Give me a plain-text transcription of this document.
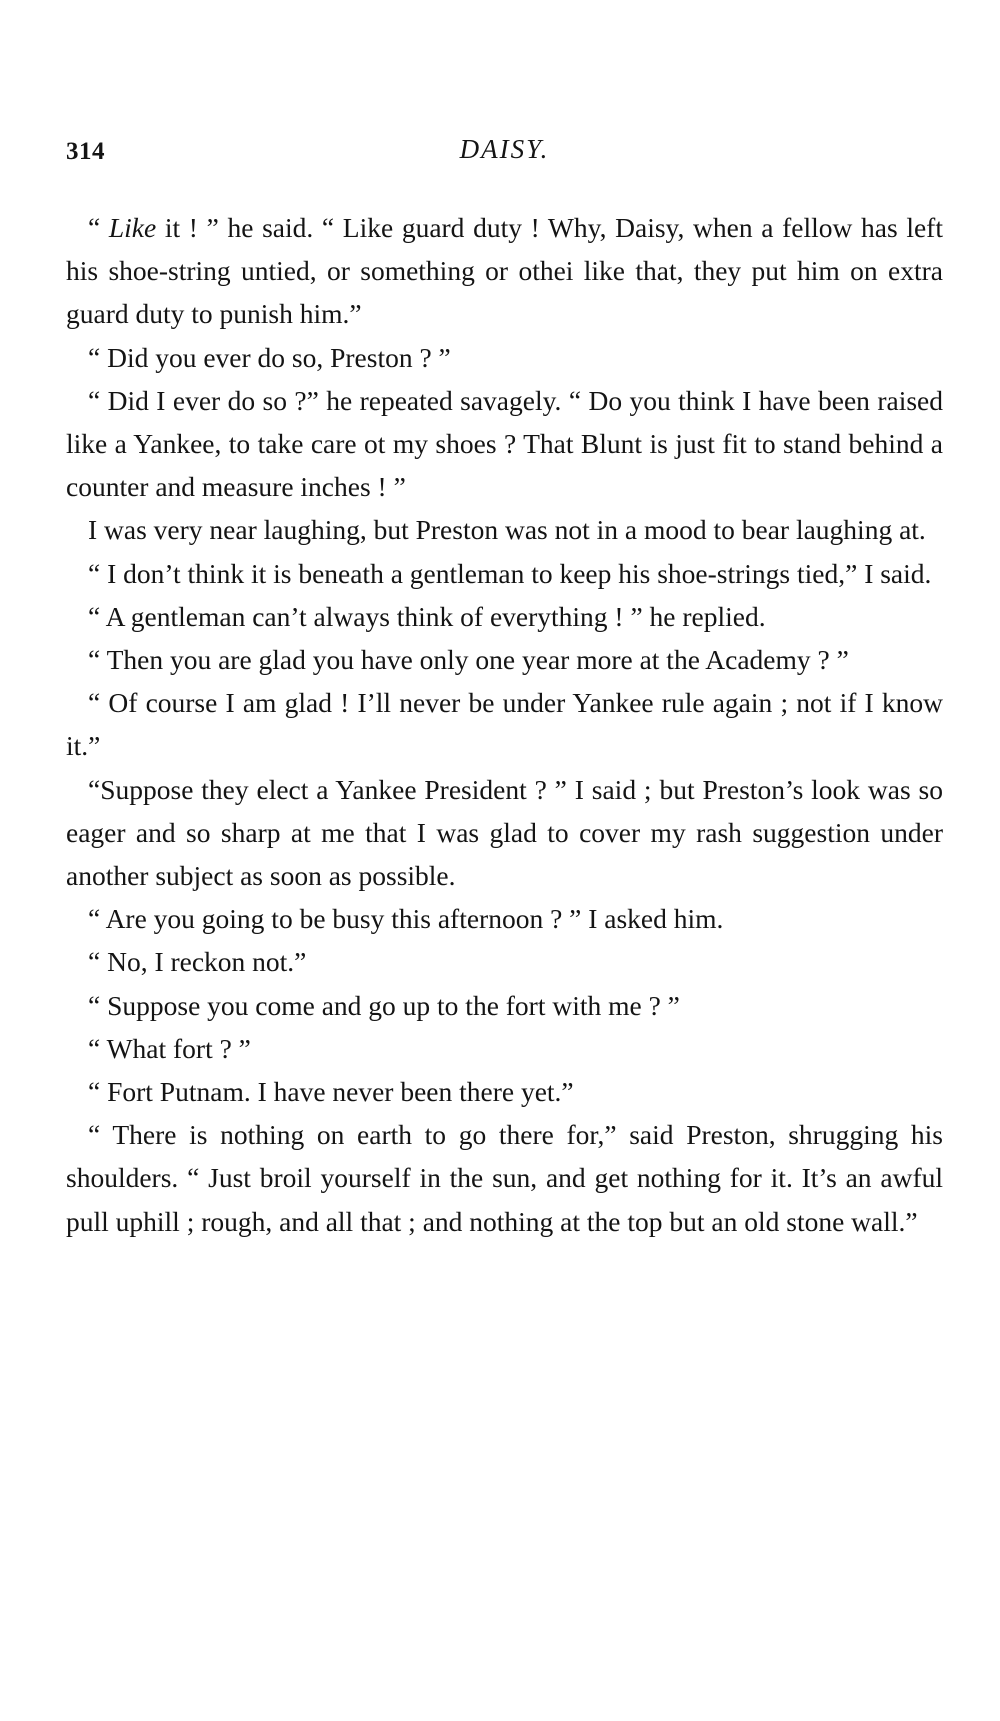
314	DAISY.

“ Like it ! ” he said. “ Like guard duty ! Why, Daisy, when a fellow has left his shoe-string untied, or something or othei like that, they put him on extra guard duty to punish him.”

“ Did you ever do so, Preston ? ”

“ Did I ever do so ?” he repeated savagely. “ Do you think I have been raised like a Yankee, to take care ot my shoes ? That Blunt is just fit to stand behind a counter and measure inches ! ”

I was very near laughing, but Preston was not in a mood to bear laughing at.

“ I don’t think it is beneath a gentleman to keep his shoe-strings tied,” I said.

“ A gentleman can’t always think of everything ! ” he replied.

“ Then you are glad you have only one year more at the Academy ? ”

“ Of course I am glad ! I’ll never be under Yankee rule again ; not if I know it.”

“Suppose they elect a Yankee President ? ” I said ; but Preston’s look was so eager and so sharp at me that I was glad to cover my rash suggestion under another subject as soon as possible.

“ Are you going to be busy this afternoon ? ” I asked him.

“ No, I reckon not.”

“ Suppose you come and go up to the fort with me ? ”

“ What fort ? ”

“ Fort Putnam. I have never been there yet.”

“ There is nothing on earth to go there for,” said Preston, shrugging his shoulders. “ Just broil yourself in the sun, and get nothing for it. It’s an awful pull uphill ; rough, and all that ; and nothing at the top but an old stone wall.”
